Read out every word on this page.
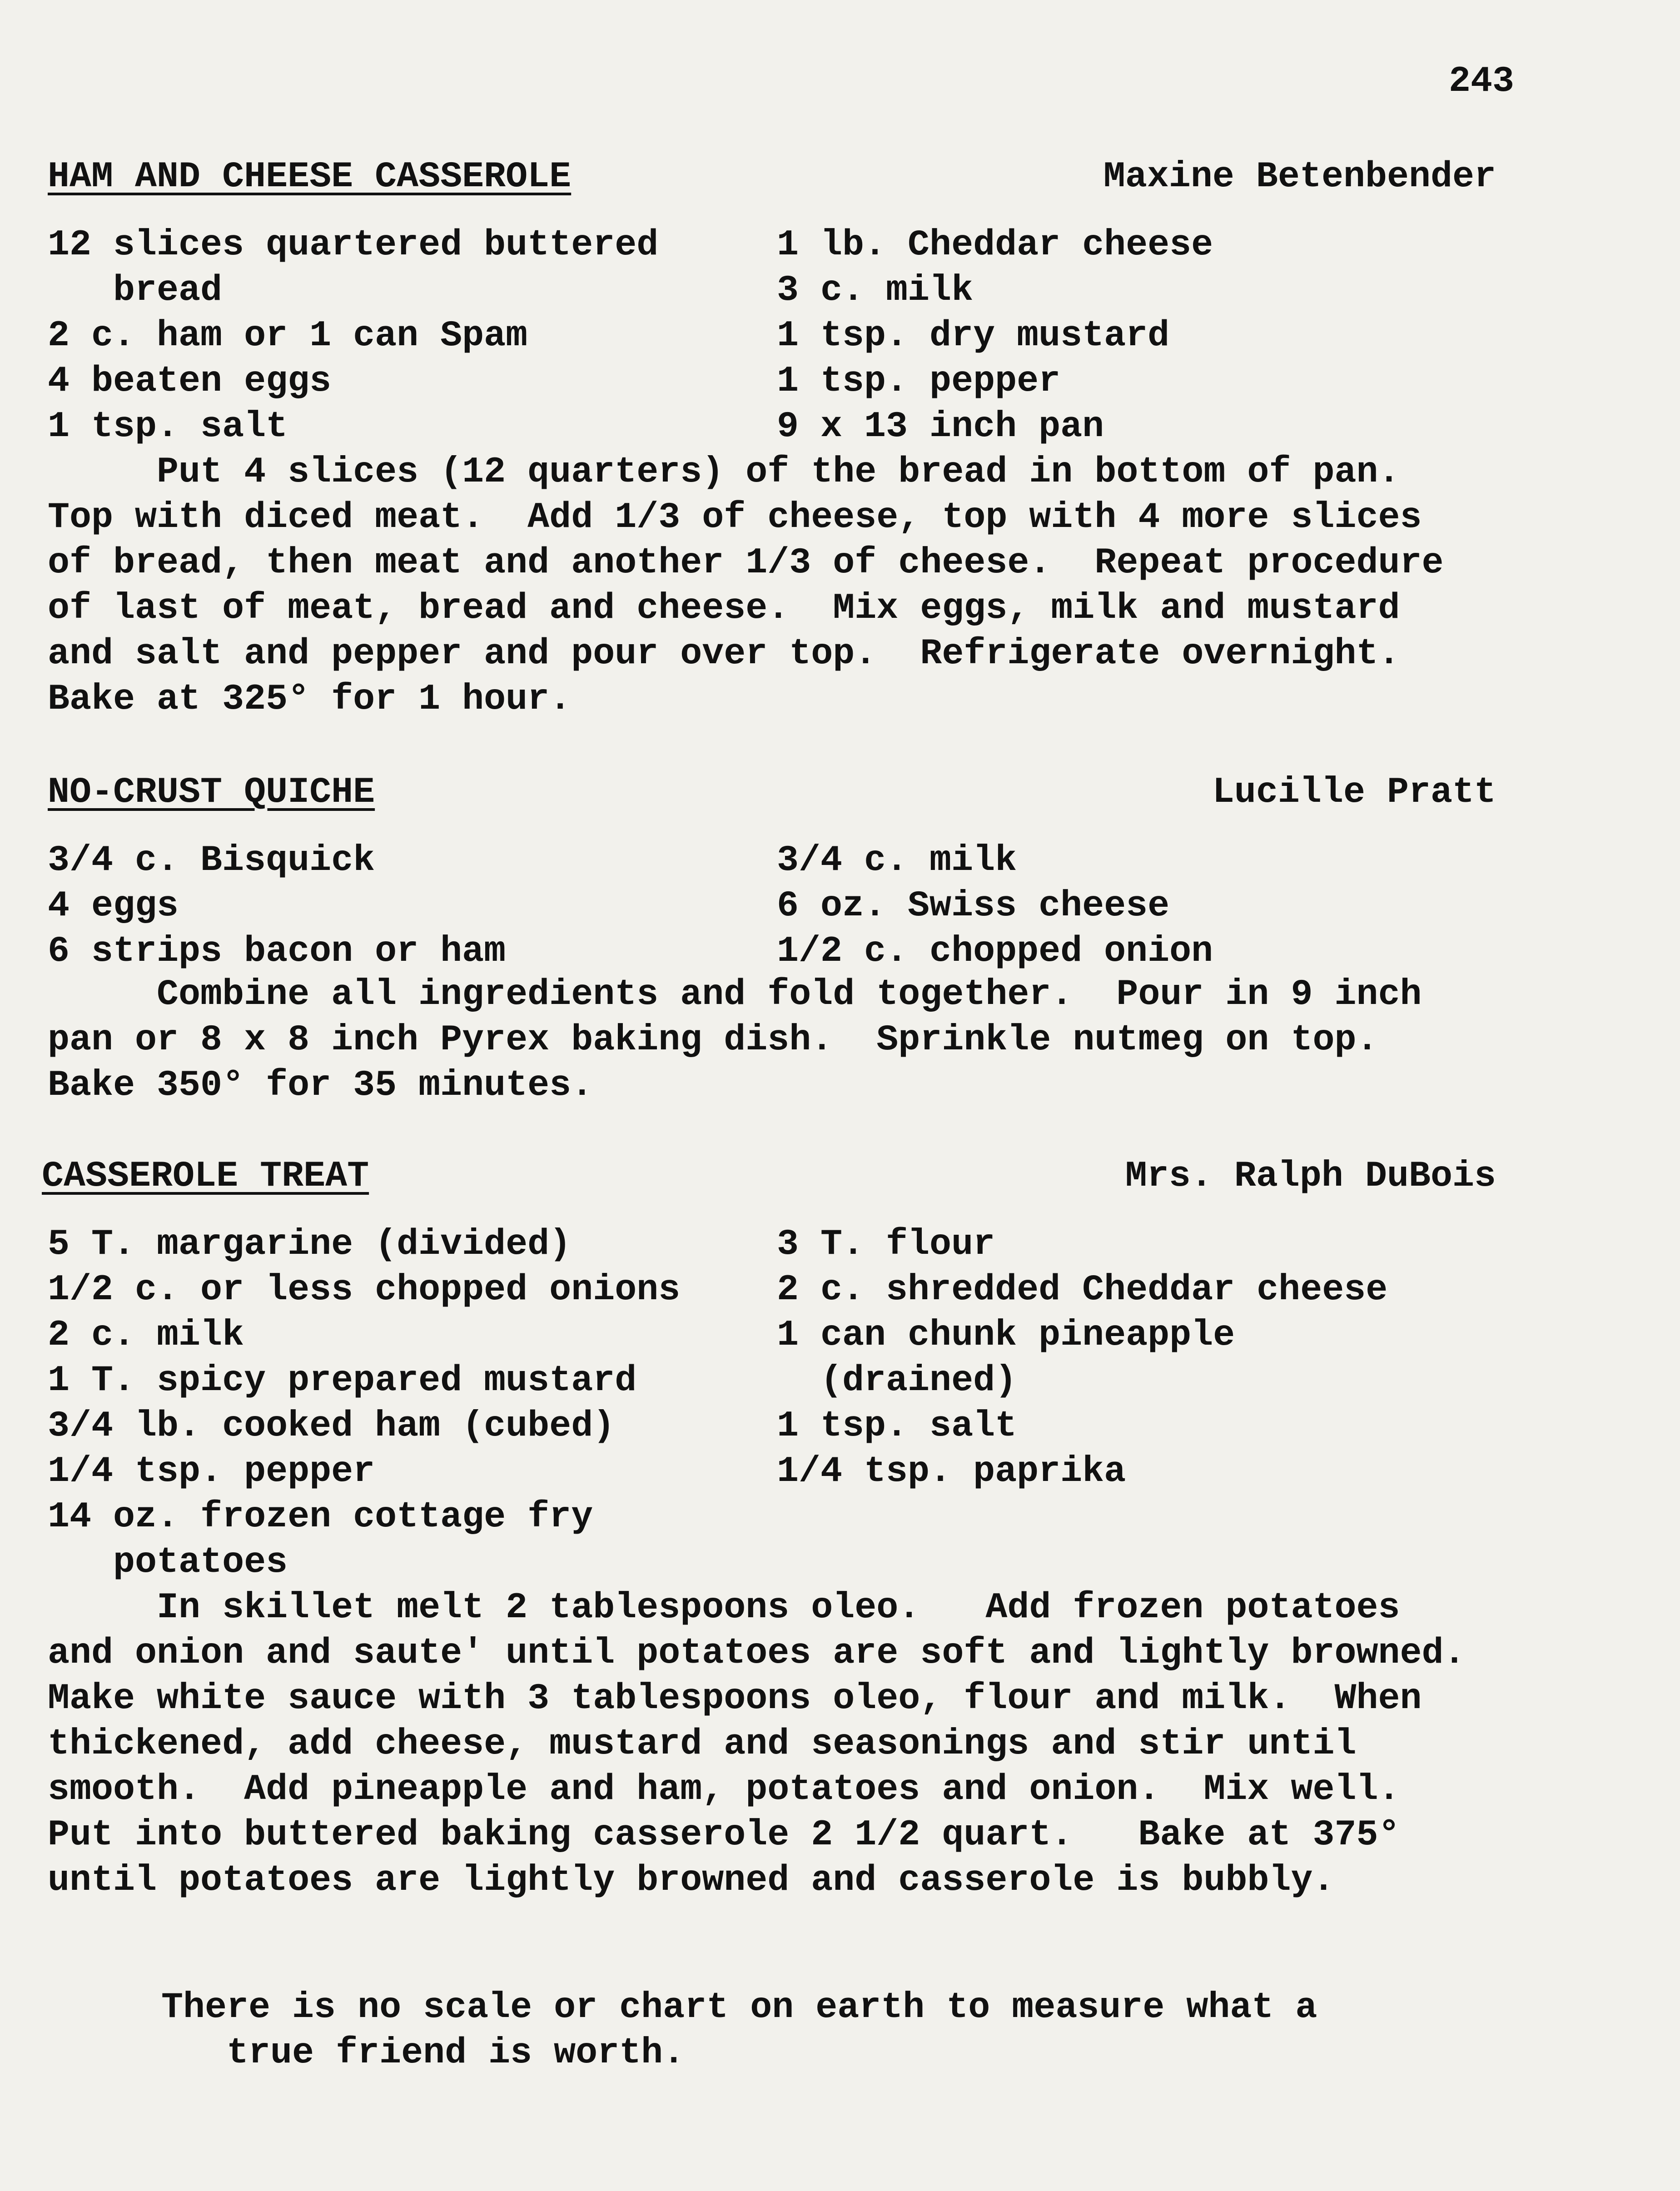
243
HAM AND CHEESE CASSEROLE	Maxine Betenbender
12 slices quartered buttered	1 lb. Cheddar cheese
bread	3 c. milk
2 c. ham or 1 can Spam	1 tsp. dry mustard
4 beaten eggs	1 tsp. pepper
1 tsp. salt	9 x 13 inch pan

Put 4 slices (12 quarters) of the bread in bottom of pan.

Top with diced meat.  Add 1/3 of cheese, top with 4 more slices

of bread, then meat and another 1/3 of cheese.  Repeat procedure

of last of meat, bread and cheese.  Mix eggs, milk and mustard

and salt and pepper and pour over top.  Refrigerate overnight.

Bake at 325° for 1 hour.

NO-CRUST QUICHE	Lucille Pratt
3/4 c. Bisquick	3/4 c. milk
4 eggs	6 oz. Swiss cheese
6 strips bacon or ham	1/2 c. chopped onion

Combine all ingredients and fold together.  Pour in 9 inch

pan or 8 x 8 inch Pyrex baking dish.  Sprinkle nutmeg on top.

Bake 350° for 35 minutes.

CASSEROLE TREAT	Mrs. Ralph DuBois
5 T. margarine (divided)	3 T. flour
1/2 c. or less chopped onions	2 c. shredded Cheddar cheese
2 c. milk	1 can chunk pineapple
1 T. spicy prepared mustard	(drained)
3/4 lb. cooked ham (cubed)	1 tsp. salt
1/4 tsp. pepper	1/4 tsp. paprika
14 oz. frozen cottage fry
potatoes

In skillet melt 2 tablespoons oleo.   Add frozen potatoes

and onion and saute' until potatoes are soft and lightly browned.

Make white sauce with 3 tablespoons oleo, flour and milk.  When

thickened, add cheese, mustard and seasonings and stir until

smooth.  Add pineapple and ham, potatoes and onion.  Mix well.

Put into buttered baking casserole 2 1/2 quart.   Bake at 375°

until potatoes are lightly browned and casserole is bubbly.

There is no scale or chart on earth to measure what a

true friend is worth.
